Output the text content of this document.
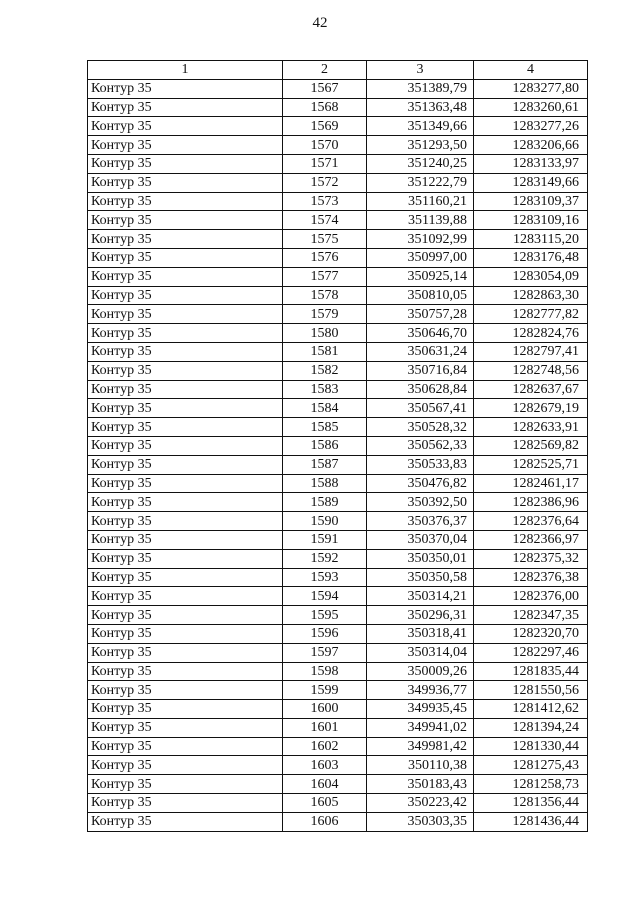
42
1	2	3	4
Контур 35	1567	351389,79	1283277,80
Контур 35	1568	351363,48	1283260,61
Контур 35	1569	351349,66	1283277,26
Контур 35	1570	351293,50	1283206,66
Контур 35	1571	351240,25	1283133,97
Контур 35	1572	351222,79	1283149,66
Контур 35	1573	351160,21	1283109,37
Контур 35	1574	351139,88	1283109,16
Контур 35	1575	351092,99	1283115,20
Контур 35	1576	350997,00	1283176,48
Контур 35	1577	350925,14	1283054,09
Контур 35	1578	350810,05	1282863,30
Контур 35	1579	350757,28	1282777,82
Контур 35	1580	350646,70	1282824,76
Контур 35	1581	350631,24	1282797,41
Контур 35	1582	350716,84	1282748,56
Контур 35	1583	350628,84	1282637,67
Контур 35	1584	350567,41	1282679,19
Контур 35	1585	350528,32	1282633,91
Контур 35	1586	350562,33	1282569,82
Контур 35	1587	350533,83	1282525,71
Контур 35	1588	350476,82	1282461,17
Контур 35	1589	350392,50	1282386,96
Контур 35	1590	350376,37	1282376,64
Контур 35	1591	350370,04	1282366,97
Контур 35	1592	350350,01	1282375,32
Контур 35	1593	350350,58	1282376,38
Контур 35	1594	350314,21	1282376,00
Контур 35	1595	350296,31	1282347,35
Контур 35	1596	350318,41	1282320,70
Контур 35	1597	350314,04	1282297,46
Контур 35	1598	350009,26	1281835,44
Контур 35	1599	349936,77	1281550,56
Контур 35	1600	349935,45	1281412,62
Контур 35	1601	349941,02	1281394,24
Контур 35	1602	349981,42	1281330,44
Контур 35	1603	350110,38	1281275,43
Контур 35	1604	350183,43	1281258,73
Контур 35	1605	350223,42	1281356,44
Контур 35	1606	350303,35	1281436,44
